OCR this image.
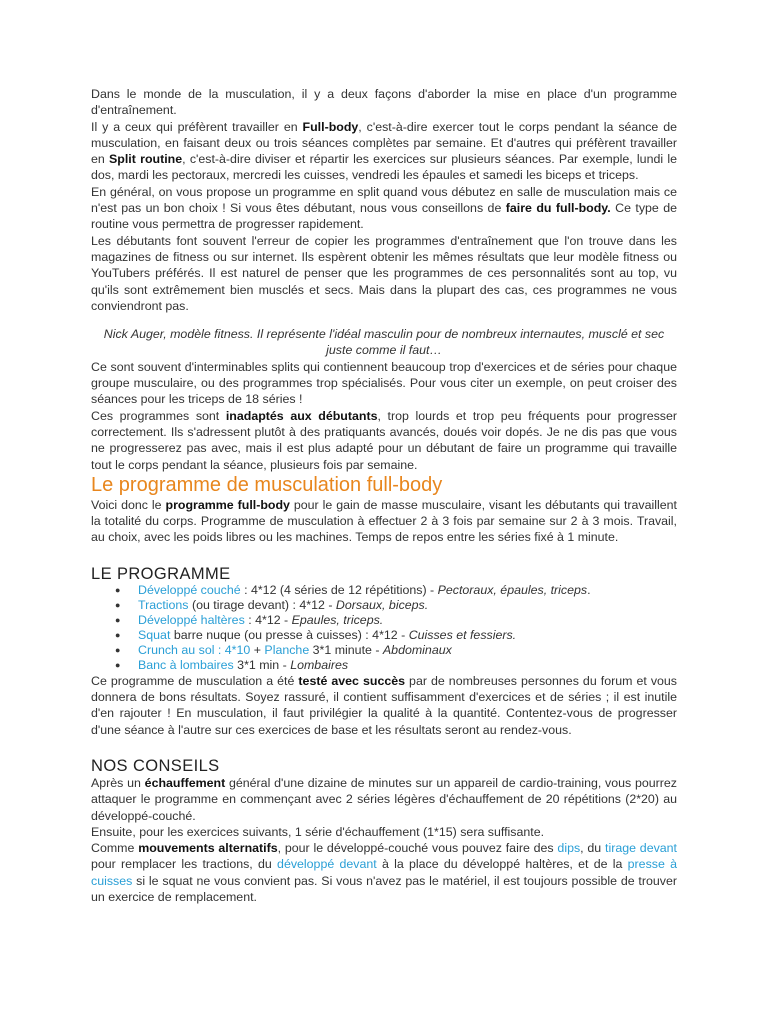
Dans le monde de la musculation, il y a deux façons d'aborder la mise en place d'un programme d'entraînement.

Il y a ceux qui préfèrent travailler en Full-body, c'est-à-dire exercer tout le corps pendant la séance de musculation, en faisant deux ou trois séances complètes par semaine. Et d'autres qui préfèrent travailler en Split routine, c'est-à-dire diviser et répartir les exercices sur plusieurs séances. Par exemple, lundi le dos, mardi les pectoraux, mercredi les cuisses, vendredi les épaules et samedi les biceps et triceps.

En général, on vous propose un programme en split quand vous débutez en salle de musculation mais ce n'est pas un bon choix ! Si vous êtes débutant, nous vous conseillons de faire du full-body. Ce type de routine vous permettra de progresser rapidement.

Les débutants font souvent l'erreur de copier les programmes d'entraînement que l'on trouve dans les magazines de fitness ou sur internet. Ils espèrent obtenir les mêmes résultats que leur modèle fitness ou YouTubers préférés. Il est naturel de penser que les programmes de ces personnalités sont au top, vu qu'ils sont extrêmement bien musclés et secs. Mais dans la plupart des cas, ces programmes ne vous conviendront pas.

Nick Auger, modèle fitness. Il représente l'idéal masculin pour de nombreux internautes, musclé et sec juste comme il faut…

Ce sont souvent d'interminables splits qui contiennent beaucoup trop d'exercices et de séries pour chaque groupe musculaire, ou des programmes trop spécialisés. Pour vous citer un exemple, on peut croiser des séances pour les triceps de 18 séries !

Ces programmes sont inadaptés aux débutants, trop lourds et trop peu fréquents pour progresser correctement. Ils s'adressent plutôt à des pratiquants avancés, doués voir dopés. Je ne dis pas que vous ne progresserez pas avec, mais il est plus adapté pour un débutant de faire un programme qui travaille tout le corps pendant la séance, plusieurs fois par semaine.

Le programme de musculation full-body

Voici donc le programme full-body pour le gain de masse musculaire, visant les débutants qui travaillent la totalité du corps. Programme de musculation à effectuer 2 à 3 fois par semaine sur 2 à 3 mois. Travail, au choix, avec les poids libres ou les machines. Temps de repos entre les séries fixé à 1 minute.

LE PROGRAMME
● Développé couché : 4*12 (4 séries de 12 répétitions) - Pectoraux, épaules, triceps.
● Tractions (ou tirage devant) : 4*12 - Dorsaux, biceps.
● Développé haltères : 4*12 - Epaules, triceps.
● Squat barre nuque (ou presse à cuisses) : 4*12 - Cuisses et fessiers.
● Crunch au sol : 4*10 + Planche 3*1 minute - Abdominaux
● Banc à lombaires 3*1 min - Lombaires

Ce programme de musculation a été testé avec succès par de nombreuses personnes du forum et vous donnera de bons résultats. Soyez rassuré, il contient suffisamment d'exercices et de séries ; il est inutile d'en rajouter ! En musculation, il faut privilégier la qualité à la quantité. Contentez-vous de progresser d'une séance à l'autre sur ces exercices de base et les résultats seront au rendez-vous.

NOS CONSEILS

Après un échauffement général d'une dizaine de minutes sur un appareil de cardio-training, vous pourrez attaquer le programme en commençant avec 2 séries légères d'échauffement de 20 répétitions (2*20) au développé-couché.

Ensuite, pour les exercices suivants, 1 série d'échauffement (1*15) sera suffisante.

Comme mouvements alternatifs, pour le développé-couché vous pouvez faire des dips, du tirage devant pour remplacer les tractions, du développé devant à la place du développé haltères, et de la presse à cuisses si le squat ne vous convient pas. Si vous n'avez pas le matériel, il est toujours possible de trouver un exercice de remplacement.
